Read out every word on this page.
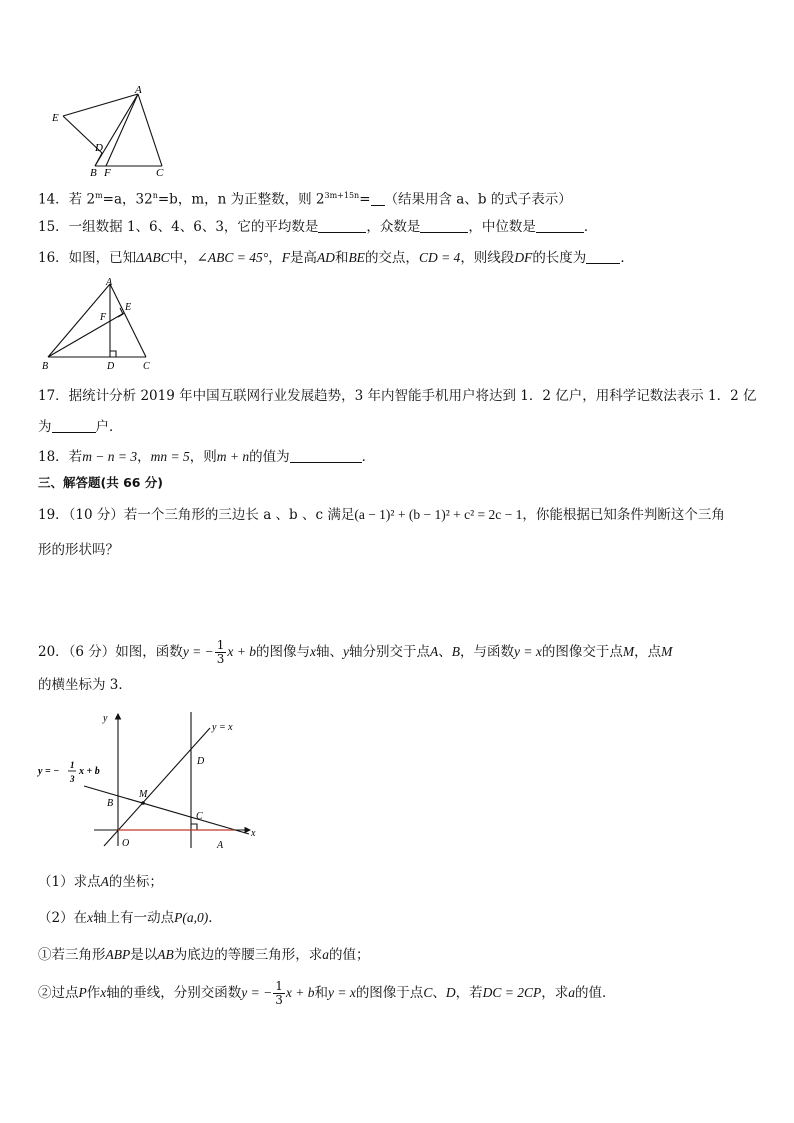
A
E
D
B F	C
14．若 $2^m=a$，$32^n=b$，m，n 为正整数，则 $2^{3m+15n}=$ （结果用含 a、b 的式子表示）
15．一组数据 1、6、4、6、3，它的平均数是	，众数是	，中位数是	．
16．如图，已知ΔABC中，∠ABC = 45°，F是高AD和BE的交点，CD = 4，则线段DF的长度为	．
A
E
F
B	D	C
17．据统计分析 2019 年中国互联网行业发展趋势，3 年内智能手机用户将达到 1．2 亿户，用科学记数法表示 1．2 亿
为	户．
18．若m − n = 3，mn = 5，则m + n的值为	．
三、解答题(共 66 分)
19．（10 分）若一个三角形的三边长 a 、b 、c 满足(a − 1)² + (b − 1)² + c² = 2c − 1，你能根据已知条件判断这个三角
形的形状吗？
20．（6 分）如图，函数y = − $\frac{1}{3}$ x + b的图像与x轴、y轴分别交于点A、B，与函数y = x的图像交于点M，点M
的横坐标为 3．
y
x
y = x
y = −
1
3
x + b
D
B
M
C
O	A
（1）求点A的坐标；
（2）在x轴上有一动点P(a,0)．
①若三角形ABP是以AB为底边的等腰三角形，求a的值；
②过点P作x轴的垂线，分别交函数y = − $\frac{1}{3}$ x + b和y = x的图像于点C、D，若DC = 2CP，求a的值．
